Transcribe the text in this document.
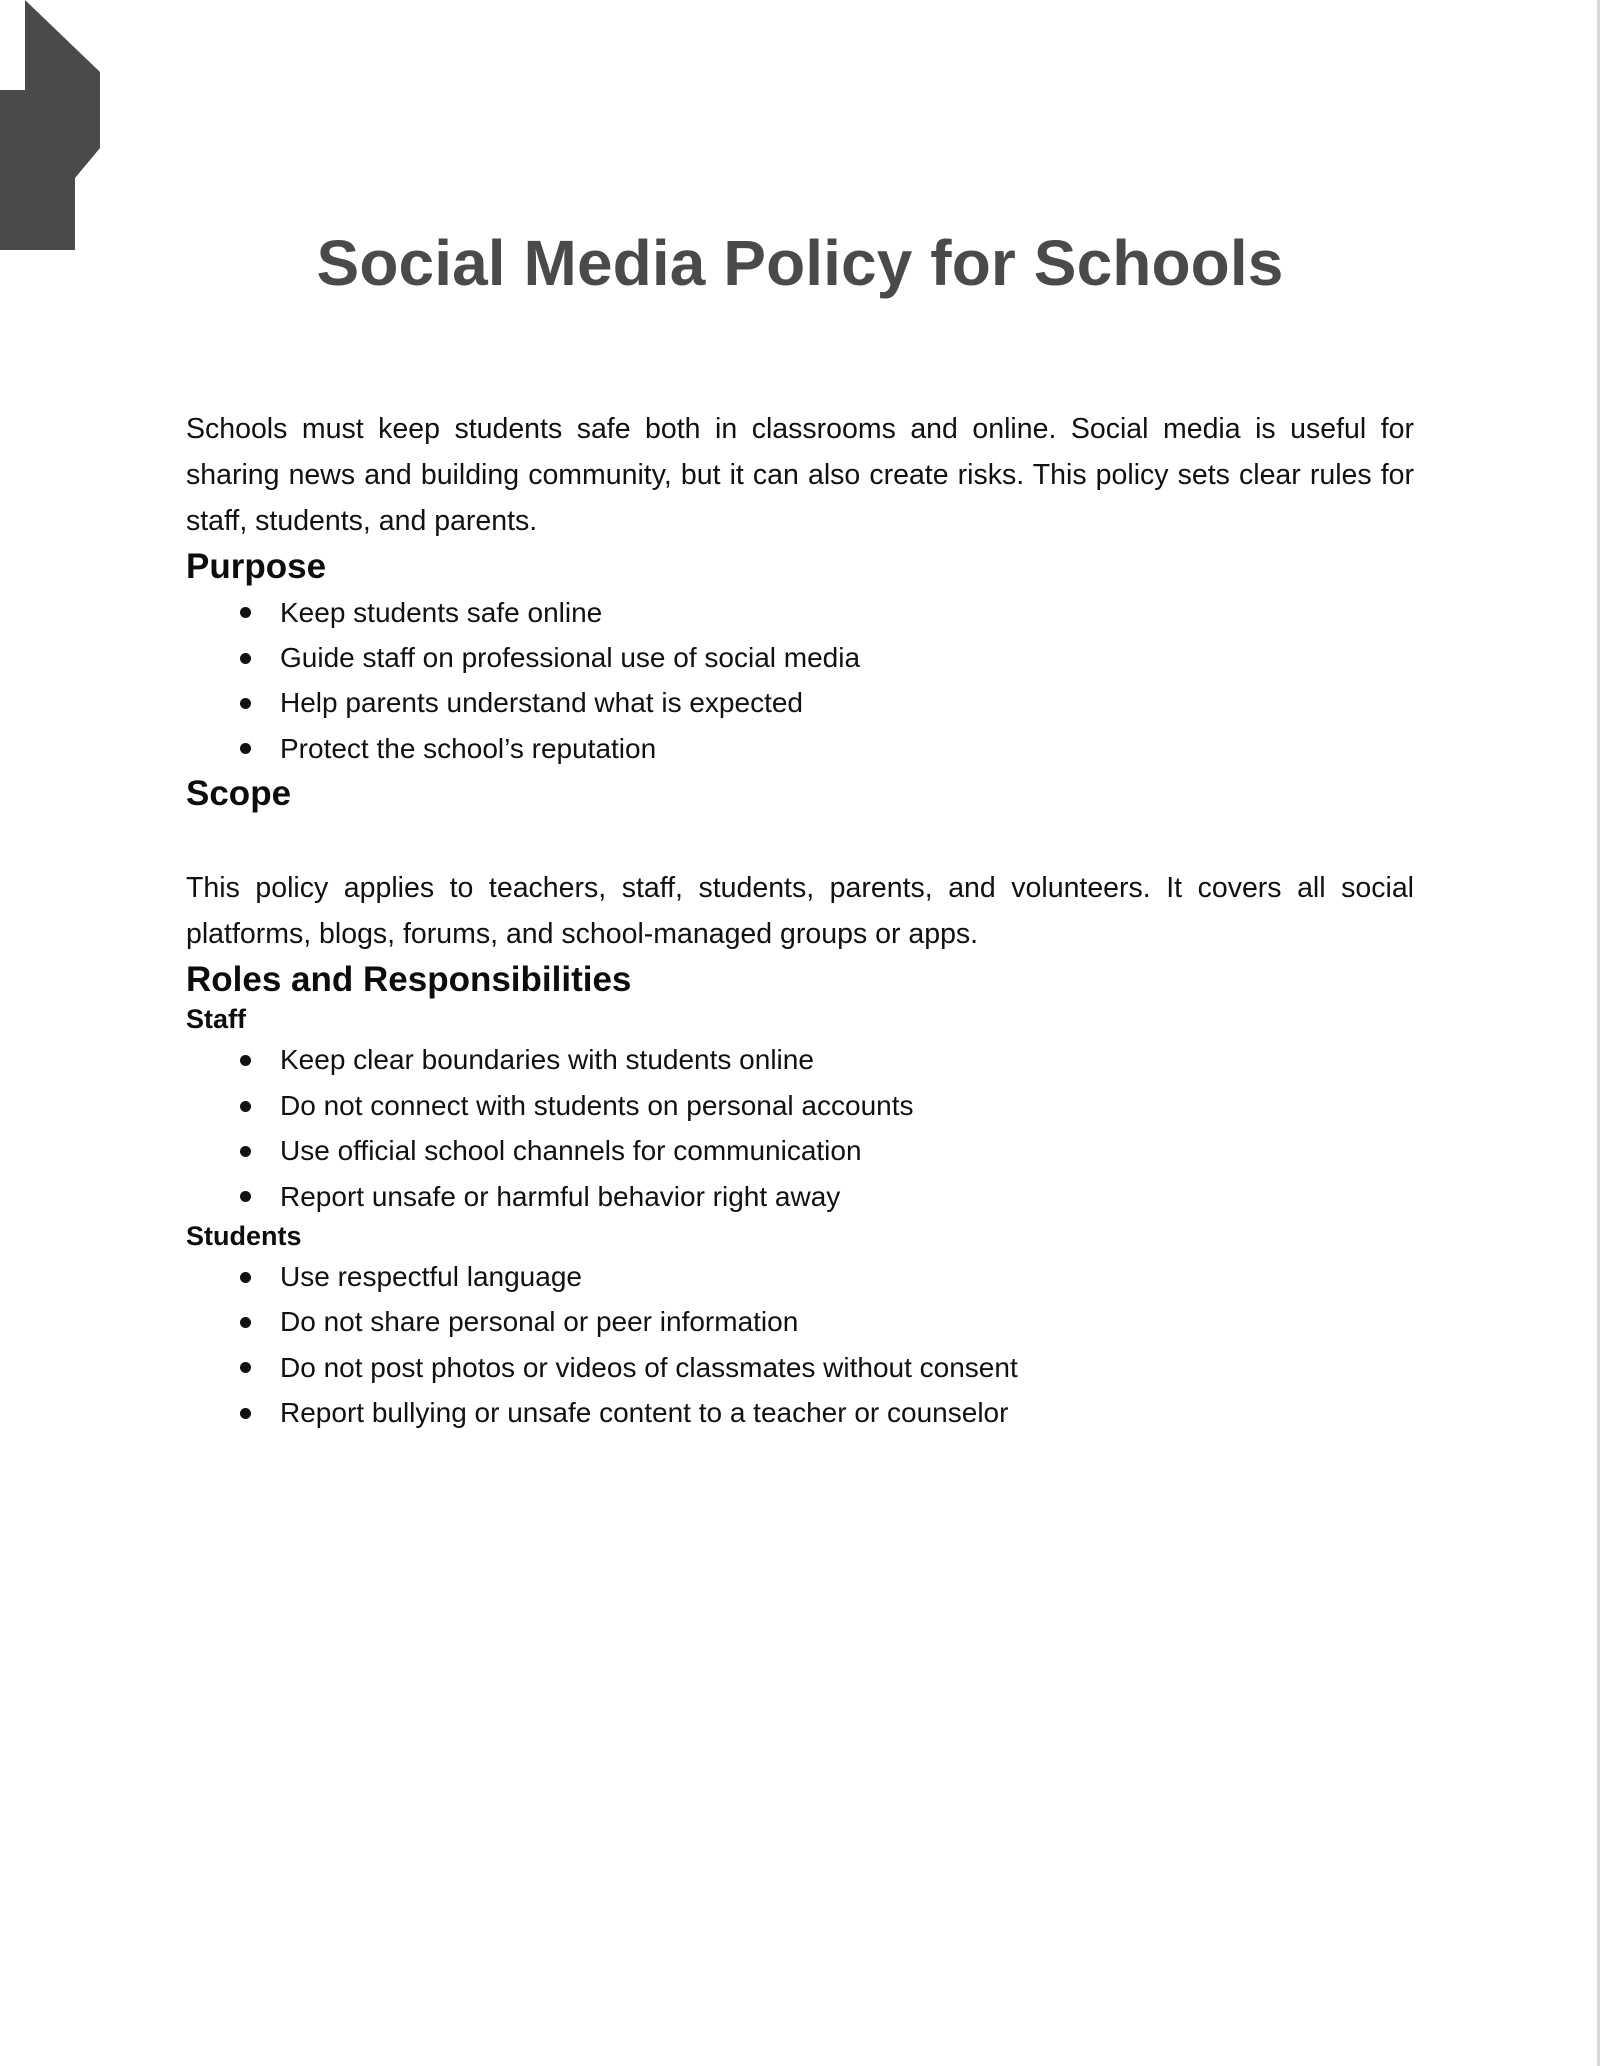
Social Media Policy for Schools

Schools must keep students safe both in classrooms and online. Social media is useful for sharing news and building community, but it can also create risks. This policy sets clear rules for staff, students, and parents.

Purpose
Keep students safe online
Guide staff on professional use of social media
Help parents understand what is expected
Protect the school’s reputation
Scope

This policy applies to teachers, staff, students, parents, and volunteers. It covers all social platforms, blogs, forums, and school-managed groups or apps.

Roles and Responsibilities
Staff
Keep clear boundaries with students online
Do not connect with students on personal accounts
Use official school channels for communication
Report unsafe or harmful behavior right away
Students
Use respectful language
Do not share personal or peer information
Do not post photos or videos of classmates without consent
Report bullying or unsafe content to a teacher or counselor
